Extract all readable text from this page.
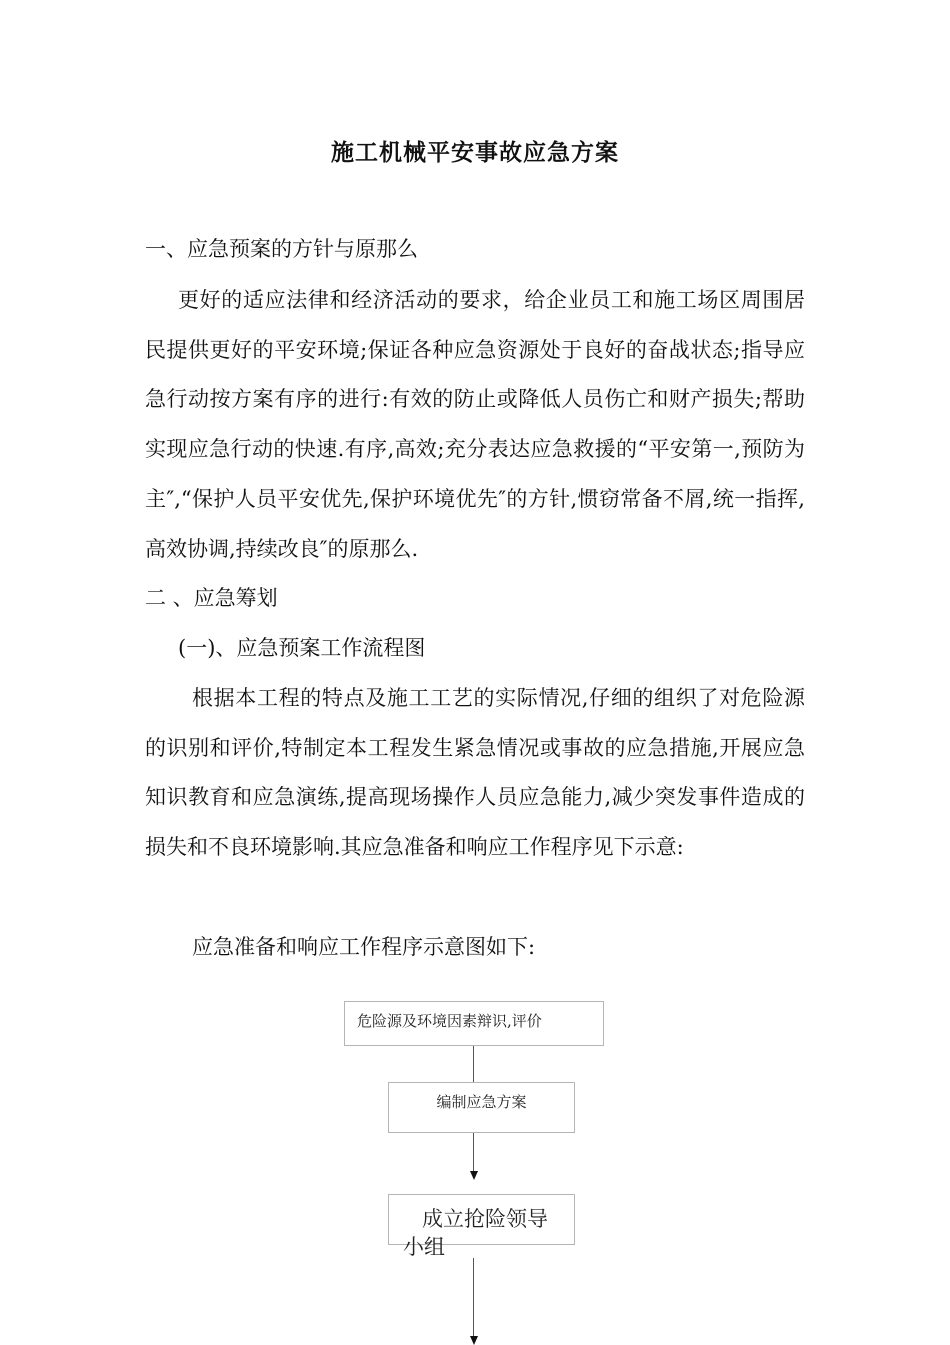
施工机械平安事故应急方案
一、应急预案的方针与原那么
更好的适应法律和经济活动的要求，给企业员工和施工场区周围居民提供更好的平安环境;保证各种应急资源处于良好的奋战状态;指导应急行动按方案有序的进行:有效的防止或降低人员伤亡和财产损失;帮助实现应急行动的快速.有序,高效;充分表达应急救援的“平安第一,预防为主″,“保护人员平安优先,保护环境优先″的方针,惯窃常备不屑,统一指挥,高效协调,持续改良″的原那么.
二 、应急筹划
(一)、应急预案工作流程图
根据本工程的特点及施工工艺的实际情况,仔细的组织了对危险源的识别和评价,特制定本工程发生紧急情况或事故的应急措施,开展应急知识教育和应急演练,提高现场操作人员应急能力,减少突发事件造成的损失和不良环境影响.其应急准备和响应工作程序见下示意:
应急准备和响应工作程序示意图如下:
危险源及环境因素辩识,评价
编制应急方案
成立抢险领导
小组
